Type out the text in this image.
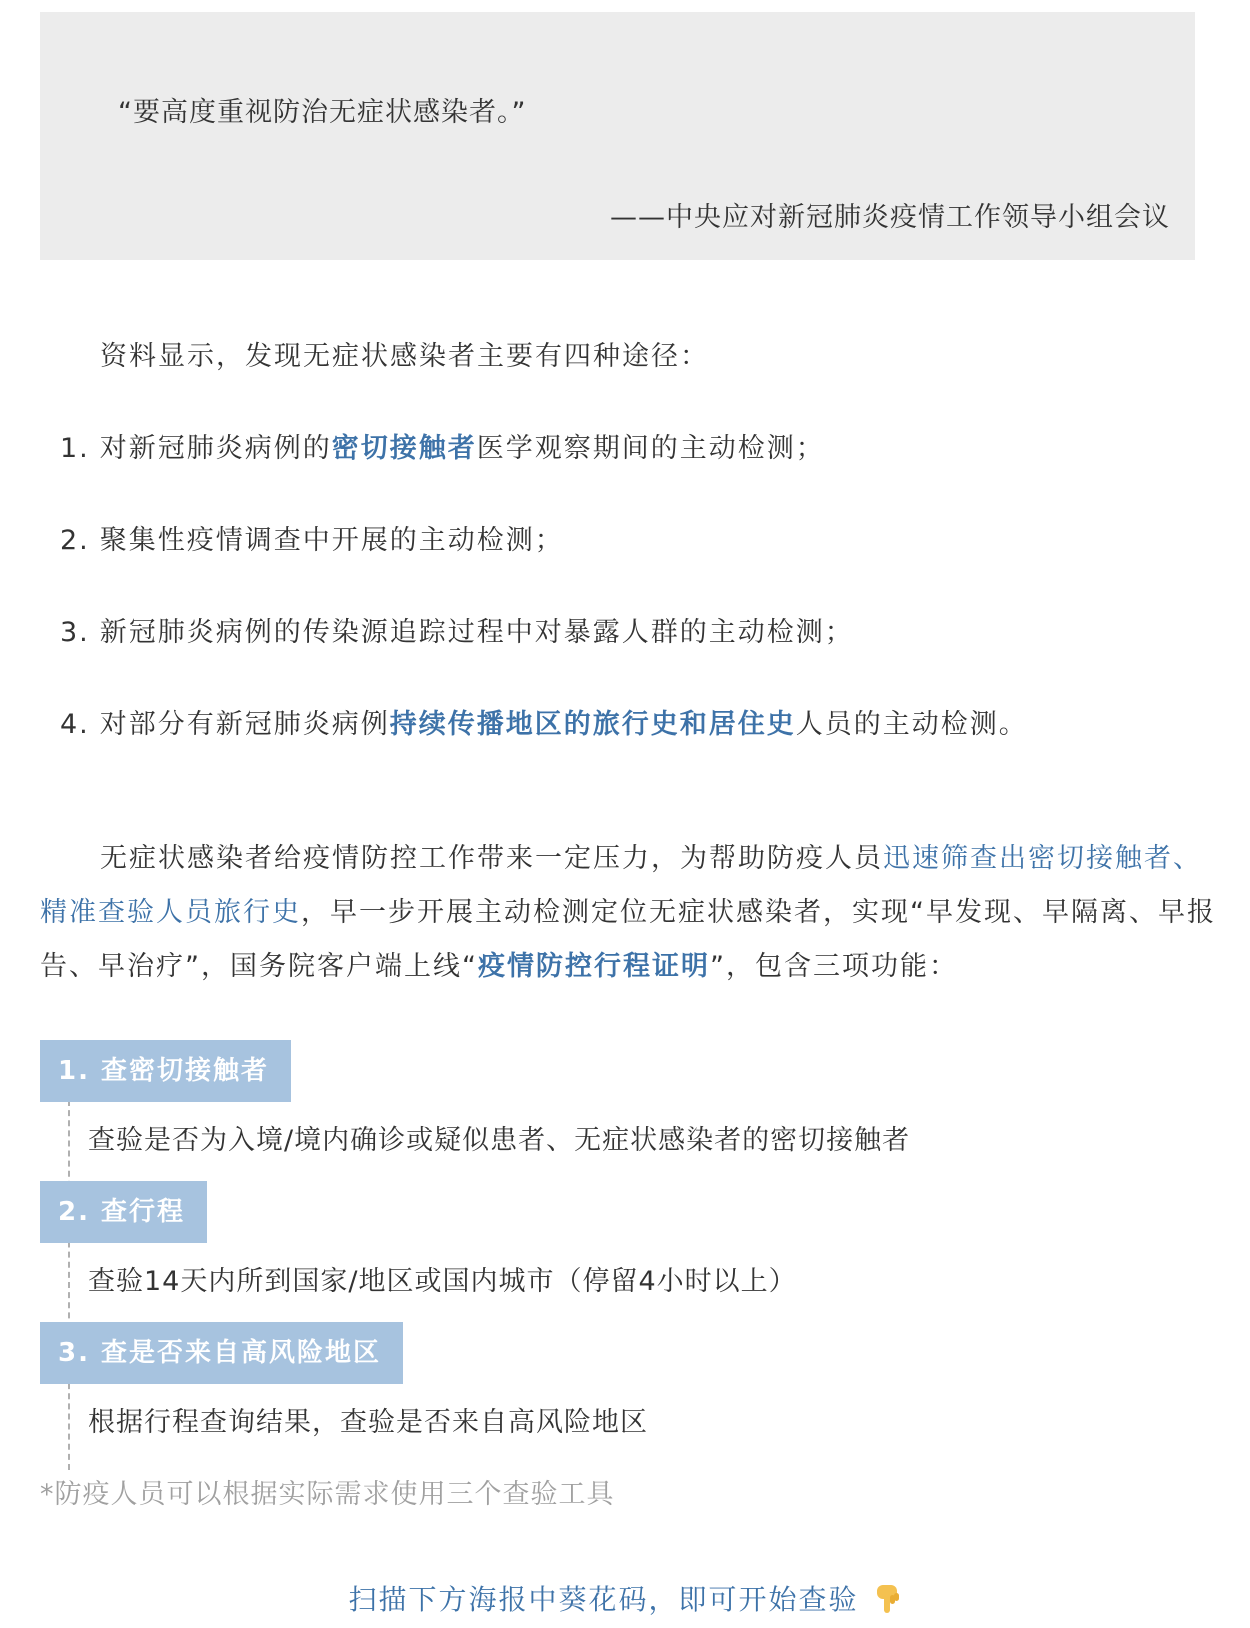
“要高度重视防治无症状感染者。”
——中央应对新冠肺炎疫情工作领导小组会议
资料显示，发现无症状感染者主要有四种途径：
1. 对新冠肺炎病例的密切接触者医学观察期间的主动检测；
2. 聚集性疫情调查中开展的主动检测；
3. 新冠肺炎病例的传染源追踪过程中对暴露人群的主动检测；
4. 对部分有新冠肺炎病例持续传播地区的旅行史和居住史人员的主动检测。
无症状感染者给疫情防控工作带来一定压力，为帮助防疫人员迅速筛查出密切接触者、精准查验人员旅行史，早一步开展主动检测定位无症状感染者，实现“早发现、早隔离、早报告、早治疗”，国务院客户端上线“疫情防控行程证明”，包含三项功能：
1. 查密切接触者
查验是否为入境/境内确诊或疑似患者、无症状感染者的密切接触者
2. 查行程
查验14天内所到国家/地区或国内城市（停留4小时以上）
3. 查是否来自高风险地区
根据行程查询结果，查验是否来自高风险地区
*防疫人员可以根据实际需求使用三个查验工具
扫描下方海报中葵花码，即可开始查验
